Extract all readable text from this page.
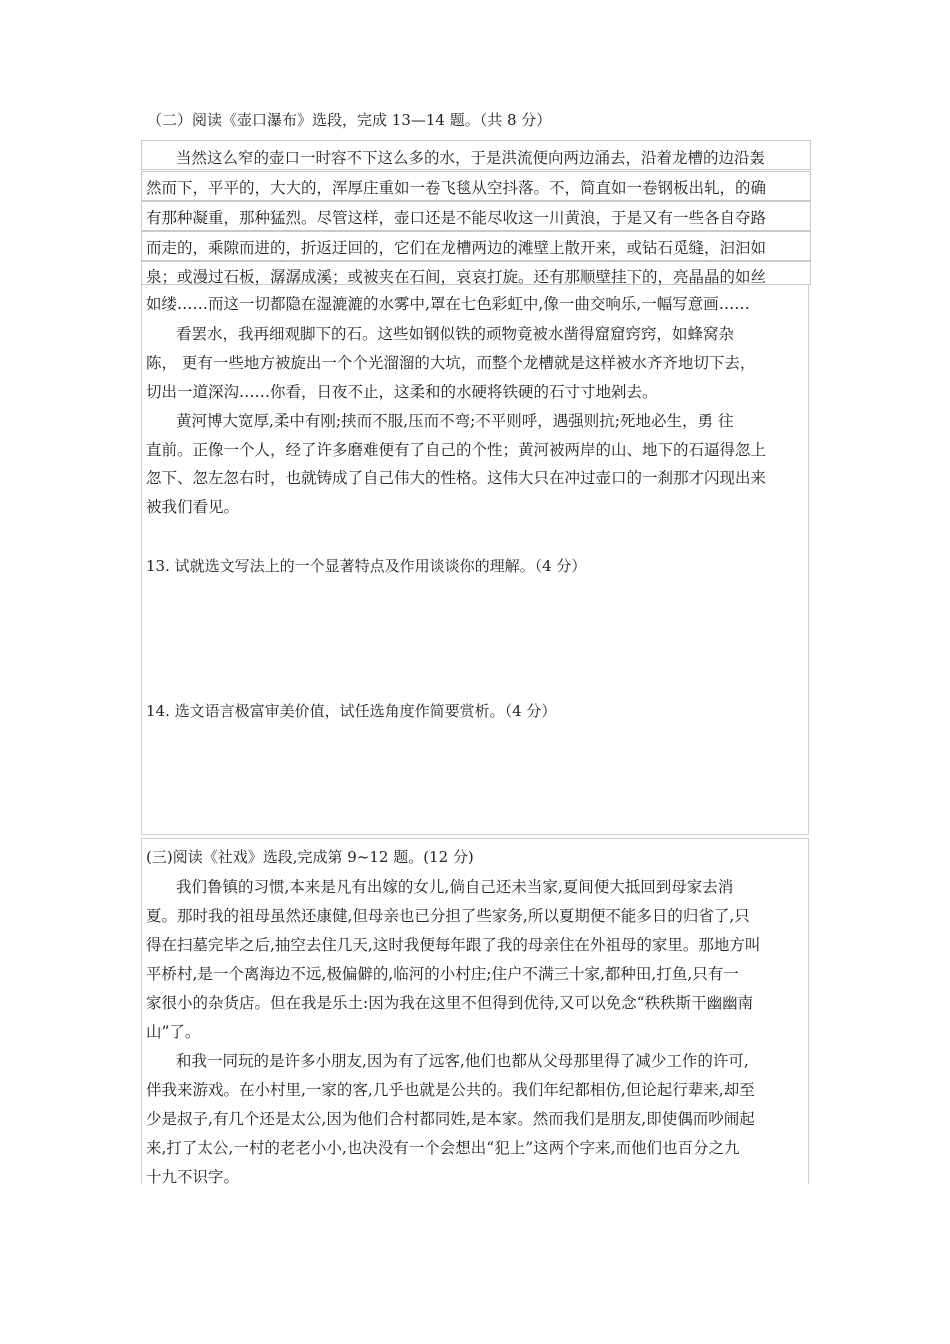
（二）阅读《壶口瀑布》选段，完成 13—14 题。（共 8 分）
当然这么窄的壶口一时容不下这么多的水，于是洪流便向两边涌去，沿着龙槽的边沿轰
然而下，平平的，大大的，浑厚庄重如一卷飞毯从空抖落。不，简直如一卷钢板出轧，的确
有那种凝重，那种猛烈。尽管这样，壶口还是不能尽收这一川黄浪，于是又有一些各自夺路
而走的，乘隙而进的，折返迂回的，它们在龙槽两边的滩壁上散开来，或钻石觅缝，汩汩如
泉；或漫过石板，潺潺成溪；或被夹在石间，哀哀打旋。还有那顺壁挂下的，亮晶晶的如丝
如缕……而这一切都隐在湿漉漉的水雾中,罩在七色彩虹中,像一曲交响乐,一幅写意画……
看罢水，我再细观脚下的石。这些如钢似铁的顽物竟被水凿得窟窟窍窍，如蜂窝杂
陈， 更有一些地方被旋出一个个光溜溜的大坑，而整个龙槽就是这样被水齐齐地切下去，
切出一道深沟……你看，日夜不止，这柔和的水硬将铁硬的石寸寸地剁去。
黄河博大宽厚,柔中有刚;挟而不服,压而不弯;不平则呼，遇强则抗;死地必生，勇 往
直前。正像一个人，经了许多磨难便有了自己的个性；黄河被两岸的山、地下的石逼得忽上
忽下、忽左忽右时，也就铸成了自己伟大的性格。这伟大只在冲过壶口的一刹那才闪现出来
被我们看见。
13. 试就选文写法上的一个显著特点及作用谈谈你的理解。（4 分）
14. 选文语言极富审美价值，试任选角度作简要赏析。（4 分）
(三)阅读《社戏》选段,完成第 9~12 题。(12 分)
我们鲁镇的习惯,本来是凡有出嫁的女儿,倘自己还未当家,夏间便大抵回到母家去消
夏。那时我的祖母虽然还康健,但母亲也已分担了些家务,所以夏期便不能多日的归省了,只
得在扫墓完毕之后,抽空去住几天,这时我便每年跟了我的母亲住在外祖母的家里。那地方叫
平桥村,是一个离海边不远,极偏僻的,临河的小村庄;住户不满三十家,都种田,打鱼,只有一
家很小的杂货店。但在我是乐土:因为我在这里不但得到优待,又可以免念“秩秩斯干幽幽南
山”了。
和我一同玩的是许多小朋友,因为有了远客,他们也都从父母那里得了减少工作的许可,
伴我来游戏。在小村里,一家的客,几乎也就是公共的。我们年纪都相仿,但论起行辈来,却至
少是叔子,有几个还是太公,因为他们合村都同姓,是本家。然而我们是朋友,即使偶而吵闹起
来,打了太公,一村的老老小小,也决没有一个会想出“犯上”这两个字来,而他们也百分之九
十九不识字。
